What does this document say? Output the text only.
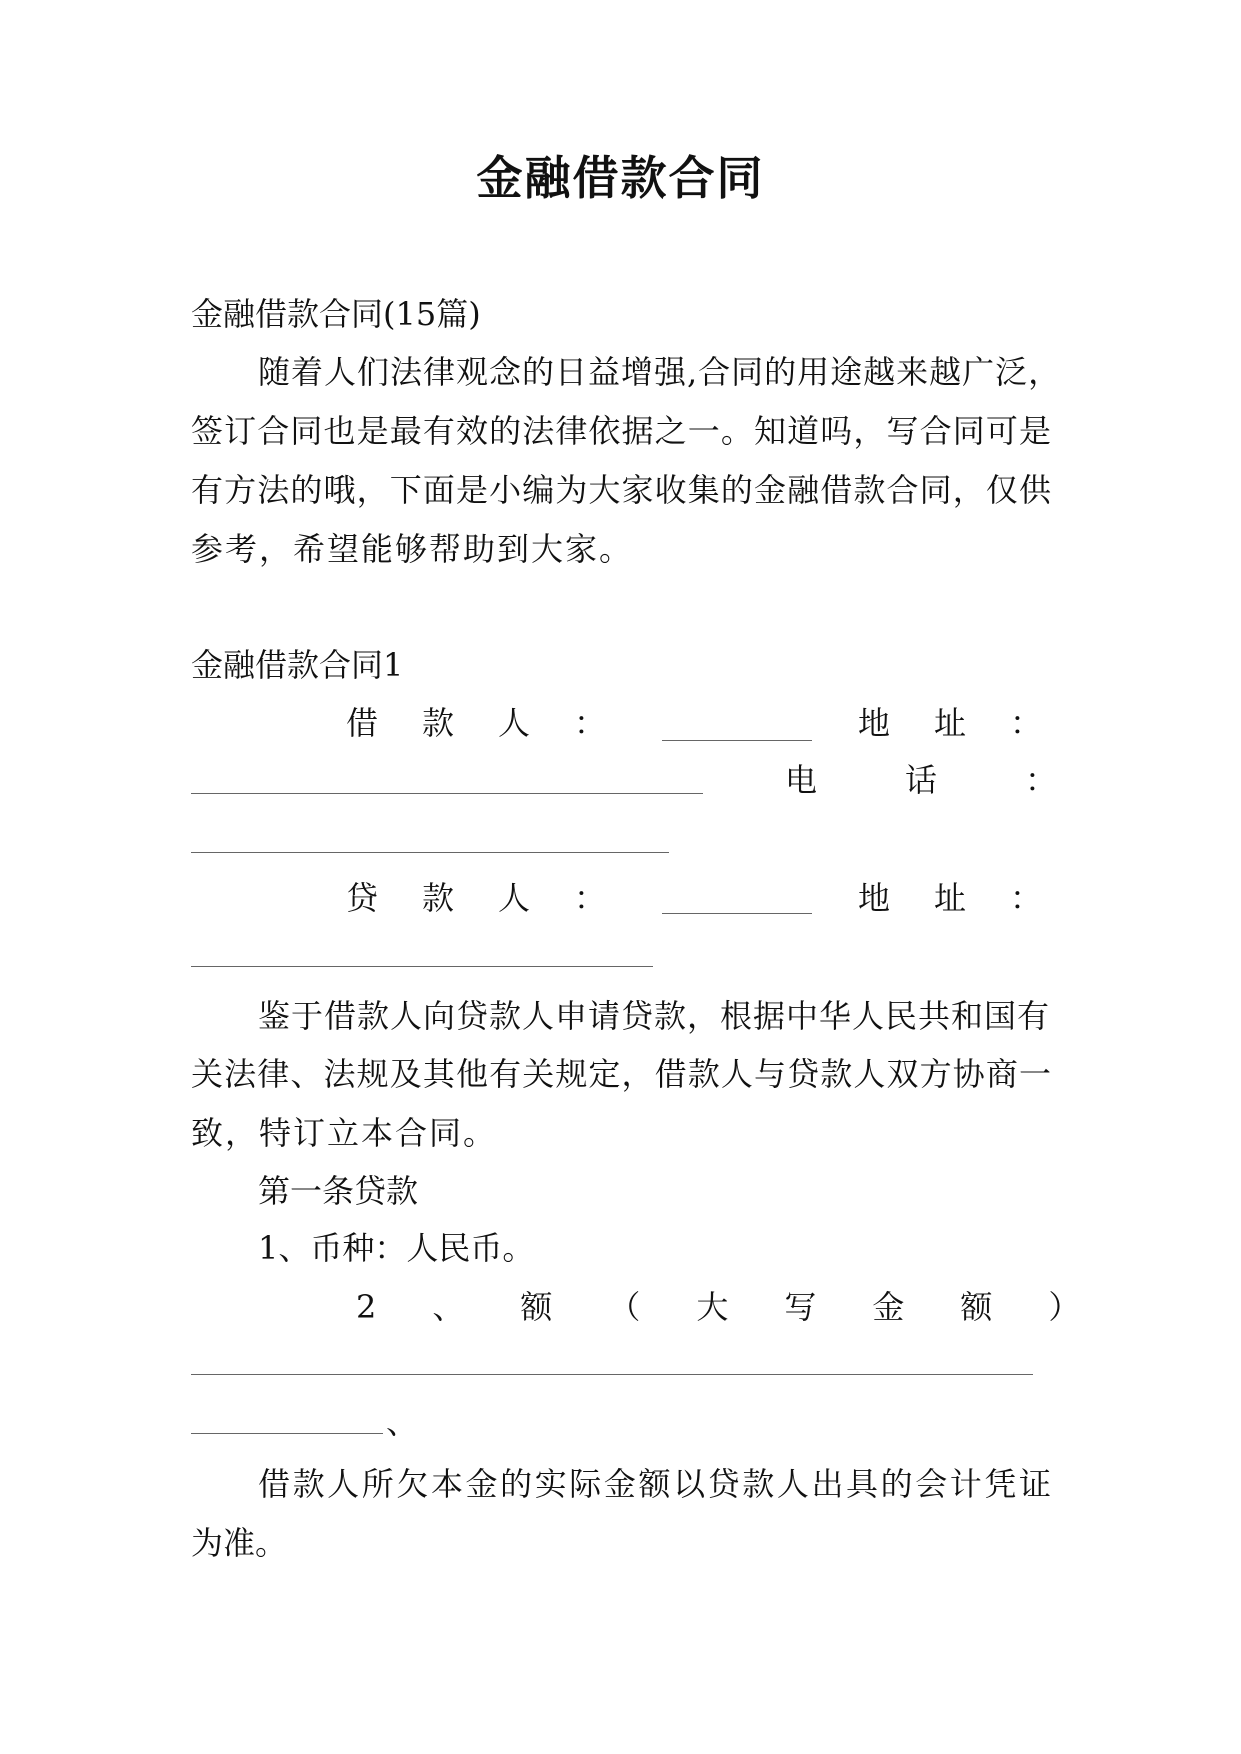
金融借款合同
金融借款合同(15篇)
随着人们法律观念的日益增强,合同的用途越来越广泛，
签订合同也是最有效的法律依据之一。知道吗，写合同可是
有方法的哦，下面是小编为大家收集的金融借款合同，仅供
参考，希望能够帮助到大家。
金融借款合同1
借款人：	地址：
电话：
贷款人：	地址：
鉴于借款人向贷款人申请贷款，根据中华人民共和国有
关法律、法规及其他有关规定，借款人与贷款人双方协商一
致，特订立本合同。
第一条贷款
1、币种：人民币。
2、额（大写金额）
、
借款人所欠本金的实际金额以贷款人出具的会计凭证
为准。
